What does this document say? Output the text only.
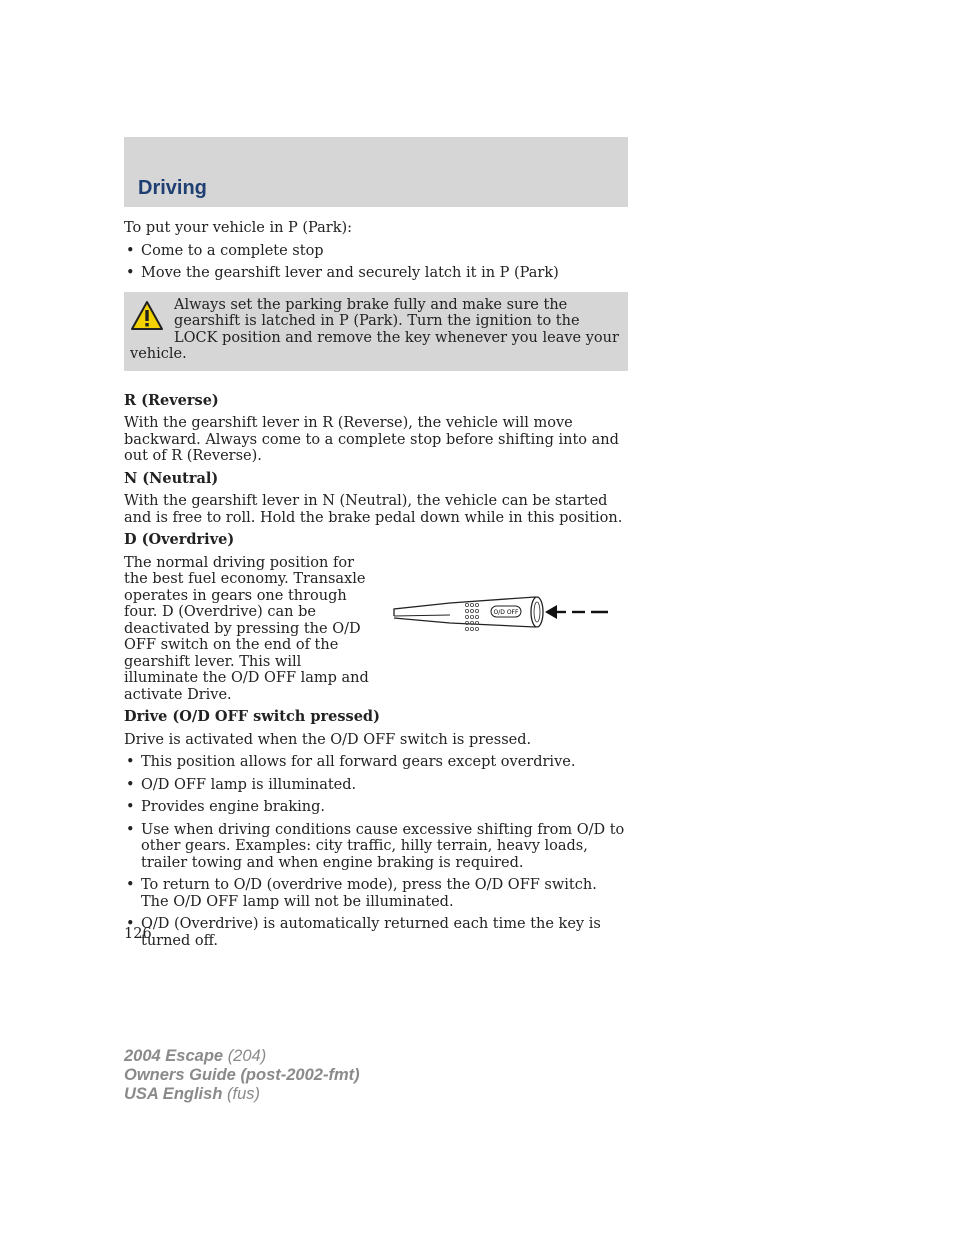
Driving

To put your vehicle in P (Park):

• Come to a complete stop
• Move the gearshift lever and securely latch it in P (Park)
Always set the parking brake fully and make sure the gearshift is latched in P (Park). Turn the ignition to the LOCK position and remove the key whenever you leave your vehicle.

R (Reverse)

With the gearshift lever in R (Reverse), the vehicle will move backward. Always come to a complete stop before shifting into and out of R (Reverse).

N (Neutral)

With the gearshift lever in N (Neutral), the vehicle can be started and is free to roll. Hold the brake pedal down while in this position.

D (Overdrive)

The normal driving position for the best fuel economy. Transaxle operates in gears one through four. D (Overdrive) can be deactivated by pressing the O/D OFF switch on the end of the gearshift lever. This will illuminate the O/D OFF lamp and activate Drive.

O/D OFF

Drive (O/D OFF switch pressed)

Drive is activated when the O/D OFF switch is pressed.

• This position allows for all forward gears except overdrive.
• O/D OFF lamp is illuminated.
• Provides engine braking.
• Use when driving conditions cause excessive shifting from O/D to other gears. Examples: city traffic, hilly terrain, heavy loads, trailer towing and when engine braking is required.
• To return to O/D (overdrive mode), press the O/D OFF switch. The O/D OFF lamp will not be illuminated.
• O/D (Overdrive) is automatically returned each time the key is turned off.
126
2004 Escape (204)
Owners Guide (post-2002-fmt)
USA English (fus)
